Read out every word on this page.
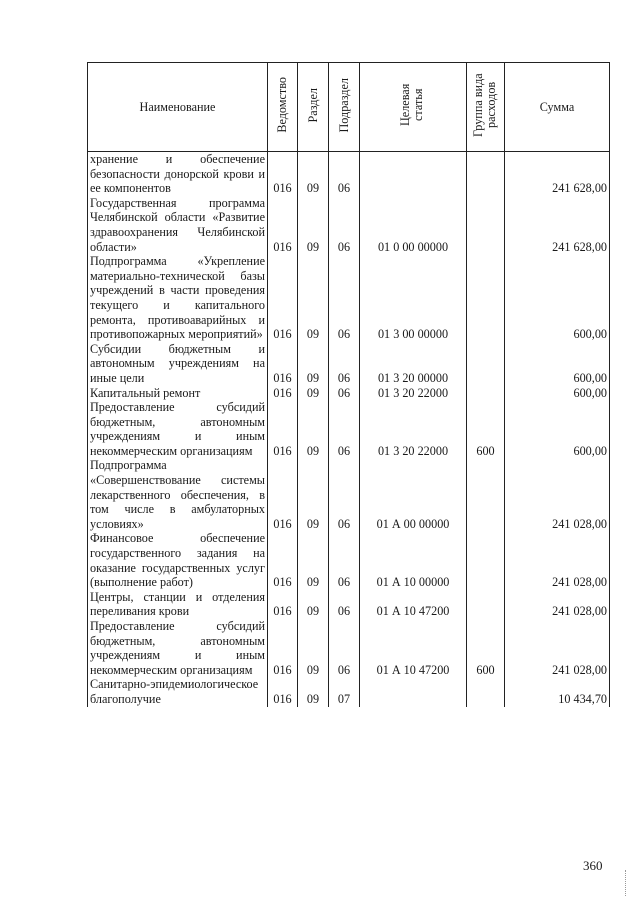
Наименование	Ведомство	Раздел	Подраздел	Целевая статья	Группа вида расходов	Сумма
хранение и обеспечение безопасности донорской крови и ее компонентов	016	09	06			241 628,00
Государственная программа Челябинской области «Развитие здравоохранения Челябинской области»	016	09	06	01 0 00 00000		241 628,00
Подпрограмма «Укрепление материально-технической базы учреждений в части проведения текущего и капитального ремонта, противоаварийных и противопожарных мероприятий»	016	09	06	01 3 00 00000		600,00
Субсидии бюджетным и автономным учреждениям на иные цели	016	09	06	01 3 20 00000		600,00
Капитальный ремонт	016	09	06	01 3 20 22000		600,00
Предоставление субсидий бюджетным, автономным учреждениям и иным некоммерческим организациям	016	09	06	01 3 20 22000	600	600,00
Подпрограмма «Совершенствование системы лекарственного обеспечения, в том числе в амбулаторных условиях»	016	09	06	01 А 00 00000		241 028,00
Финансовое обеспечение государственного задания на оказание государственных услуг (выполнение работ)	016	09	06	01 А 10 00000		241 028,00
Центры, станции и отделения переливания крови	016	09	06	01 А 10 47200		241 028,00
Предоставление субсидий бюджетным, автономным учреждениям и иным некоммерческим организациям	016	09	06	01 А 10 47200	600	241 028,00
Санитарно-эпидемиологическое благополучие	016	09	07			10 434,70
360
